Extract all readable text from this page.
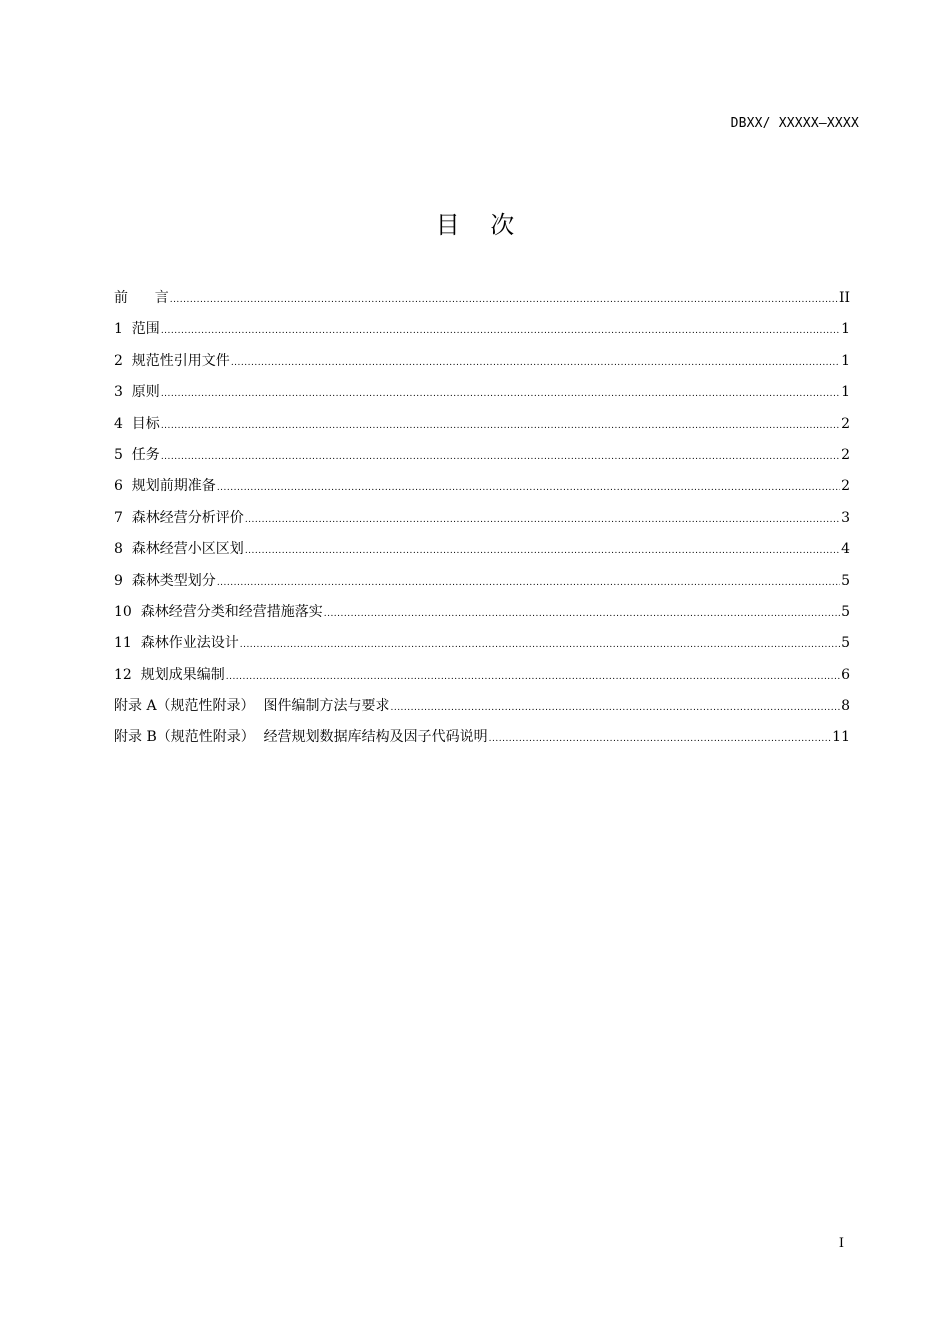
DBXX/ XXXXX—XXXX
目    次
前      言 .....	II
1  范围 .....	1
2  规范性引用文件 .....	1
3  原则 .....	1
4  目标 .....	2
5  任务 .....	2
6  规划前期准备 .....	2
7  森林经营分析评价 .....	3
8  森林经营小区区划 .....	4
9  森林类型划分 .....	5
10  森林经营分类和经营措施落实 .....	5
11  森林作业法设计 .....	5
12  规划成果编制 .....	6
附录 A（规范性附录）  图件编制方法与要求 .....	8
附录 B（规范性附录）  经营规划数据库结构及因子代码说明 .....	11
I
